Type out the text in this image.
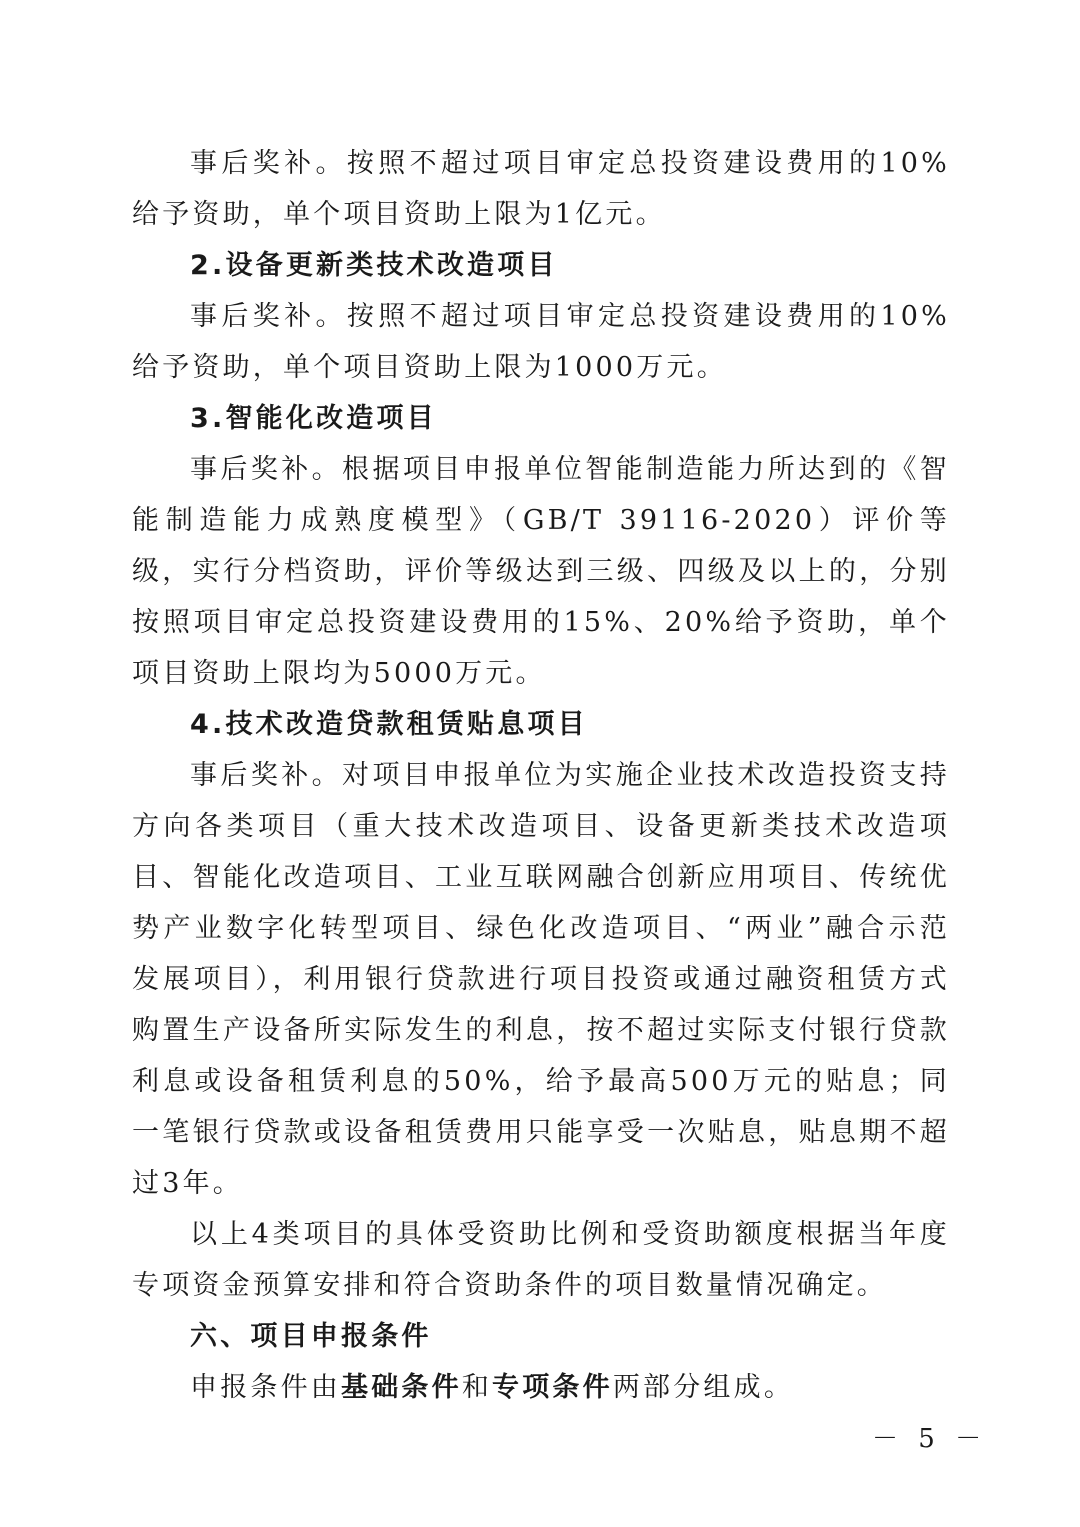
事后奖补。按照不超过项目审定总投资建设费用的10%给予资助，单个项目资助上限为1亿元。

2.设备更新类技术改造项目

事后奖补。按照不超过项目审定总投资建设费用的10%给予资助，单个项目资助上限为1000万元。

3.智能化改造项目

事后奖补。根据项目申报单位智能制造能力所达到的《智能制造能力成熟度模型》（GB/T 39116-2020）评价等级，实行分档资助，评价等级达到三级、四级及以上的，分别按照项目审定总投资建设费用的15%、20%给予资助，单个项目资助上限均为5000万元。

4.技术改造贷款租赁贴息项目

事后奖补。对项目申报单位为实施企业技术改造投资支持方向各类项目（重大技术改造项目、设备更新类技术改造项目、智能化改造项目、工业互联网融合创新应用项目、传统优势产业数字化转型项目、绿色化改造项目、“两业”融合示范发展项目），利用银行贷款进行项目投资或通过融资租赁方式购置生产设备所实际发生的利息，按不超过实际支付银行贷款利息或设备租赁利息的50%，给予最高500万元的贴息；同一笔银行贷款或设备租赁费用只能享受一次贴息，贴息期不超过3年。

以上4类项目的具体受资助比例和受资助额度根据当年度专项资金预算安排和符合资助条件的项目数量情况确定。

六、项目申报条件

申报条件由基础条件和专项条件两部分组成。

－ 5 －
